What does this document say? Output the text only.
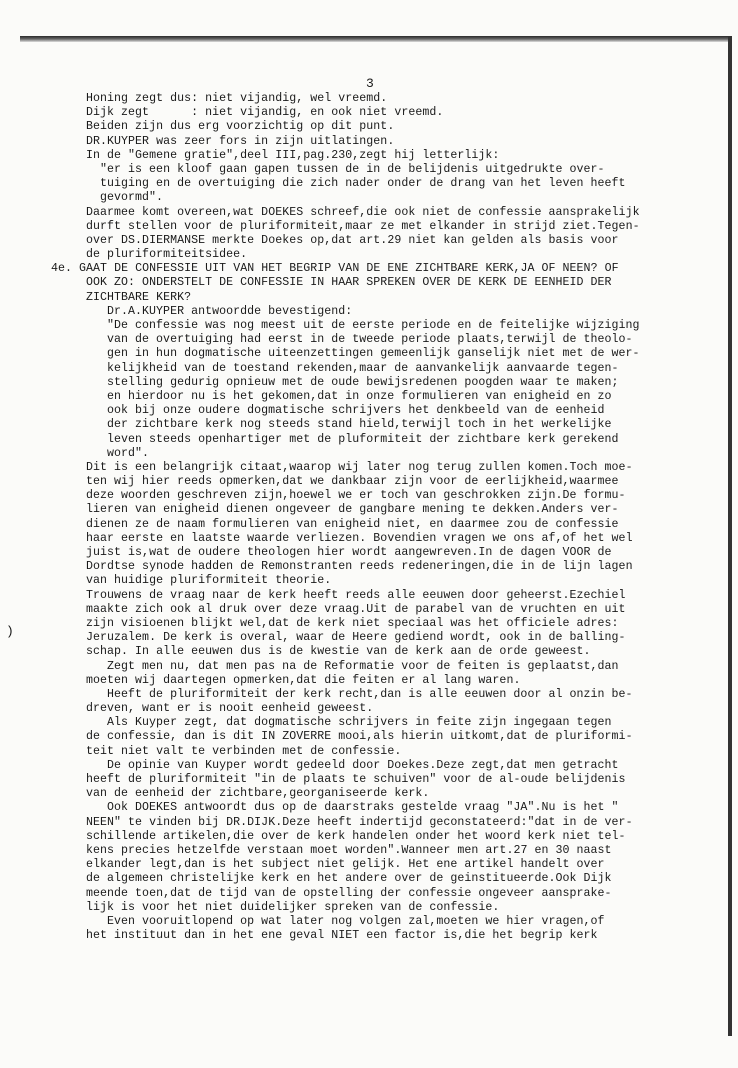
3
)
Honing zegt dus: niet vijandig, wel vreemd.
Dijk zegt      : niet vijandig, en ook niet vreemd.
Beiden zijn dus erg voorzichtig op dit punt.
DR.KUYPER was zeer fors in zijn uitlatingen.
In de "Gemene gratie",deel III,pag.230,zegt hij letterlijk:
"er is een kloof gaan gapen tussen de in de belijdenis uitgedrukte over-
tuiging en de overtuiging die zich nader onder de drang van het leven heeft
gevormd".
Daarmee komt overeen,wat DOEKES schreef,die ook niet de confessie aansprakelijk
durft stellen voor de pluriformiteit,maar ze met elkander in strijd ziet.Tegen-
over DS.DIERMANSE merkte Doekes op,dat art.29 niet kan gelden als basis voor
de pluriformiteitsidee.
4e. GAAT DE CONFESSIE UIT VAN HET BEGRIP VAN DE ENE ZICHTBARE KERK,JA OF NEEN? OF
OOK ZO: ONDERSTELT DE CONFESSIE IN HAAR SPREKEN OVER DE KERK DE EENHEID DER
ZICHTBARE KERK?
Dr.A.KUYPER antwoordde bevestigend:
"De confessie was nog meest uit de eerste periode en de feitelijke wijziging
van de overtuiging had eerst in de tweede periode plaats,terwijl de theolo-
gen in hun dogmatische uiteenzettingen gemeenlijk ganselijk niet met de wer-
kelijkheid van de toestand rekenden,maar de aanvankelijk aanvaarde tegen-
stelling gedurig opnieuw met de oude bewijsredenen poogden waar te maken;
en hierdoor nu is het gekomen,dat in onze formulieren van enigheid en zo
ook bij onze oudere dogmatische schrijvers het denkbeeld van de eenheid
der zichtbare kerk nog steeds stand hield,terwijl toch in het werkelijke
leven steeds openhartiger met de pluformiteit der zichtbare kerk gerekend
word".
Dit is een belangrijk citaat,waarop wij later nog terug zullen komen.Toch moe-
ten wij hier reeds opmerken,dat we dankbaar zijn voor de eerlijkheid,waarmee
deze woorden geschreven zijn,hoewel we er toch van geschrokken zijn.De formu-
lieren van enigheid dienen ongeveer de gangbare mening te dekken.Anders ver-
dienen ze de naam formulieren van enigheid niet, en daarmee zou de confessie
haar eerste en laatste waarde verliezen. Bovendien vragen we ons af,of het wel
juist is,wat de oudere theologen hier wordt aangewreven.In de dagen VOOR de
Dordtse synode hadden de Remonstranten reeds redeneringen,die in de lijn lagen
van huidige pluriformiteit theorie.
Trouwens de vraag naar de kerk heeft reeds alle eeuwen door geheerst.Ezechiel
maakte zich ook al druk over deze vraag.Uit de parabel van de vruchten en uit
zijn visioenen blijkt wel,dat de kerk niet speciaal was het officiele adres:
Jeruzalem. De kerk is overal, waar de Heere gediend wordt, ook in de balling-
schap. In alle eeuwen dus is de kwestie van de kerk aan de orde geweest.
Zegt men nu, dat men pas na de Reformatie voor de feiten is geplaatst,dan
moeten wij daartegen opmerken,dat die feiten er al lang waren.
Heeft de pluriformiteit der kerk recht,dan is alle eeuwen door al onzin be-
dreven, want er is nooit eenheid geweest.
Als Kuyper zegt, dat dogmatische schrijvers in feite zijn ingegaan tegen
de confessie, dan is dit IN ZOVERRE mooi,als hierin uitkomt,dat de pluriformi-
teit niet valt te verbinden met de confessie.
De opinie van Kuyper wordt gedeeld door Doekes.Deze zegt,dat men getracht
heeft de pluriformiteit "in de plaats te schuiven" voor de al-oude belijdenis
van de eenheid der zichtbare,georganiseerde kerk.
Ook DOEKES antwoordt dus op de daarstraks gestelde vraag "JA".Nu is het "
NEEN" te vinden bij DR.DIJK.Deze heeft indertijd geconstateerd:"dat in de ver-
schillende artikelen,die over de kerk handelen onder het woord kerk niet tel-
kens precies hetzelfde verstaan moet worden".Wanneer men art.27 en 30 naast
elkander legt,dan is het subject niet gelijk. Het ene artikel handelt over
de algemeen christelijke kerk en het andere over de geinstitueerde.Ook Dijk
meende toen,dat de tijd van de opstelling der confessie ongeveer aansprake-
lijk is voor het niet duidelijker spreken van de confessie.
Even vooruitlopend op wat later nog volgen zal,moeten we hier vragen,of
het instituut dan in het ene geval NIET een factor is,die het begrip kerk
